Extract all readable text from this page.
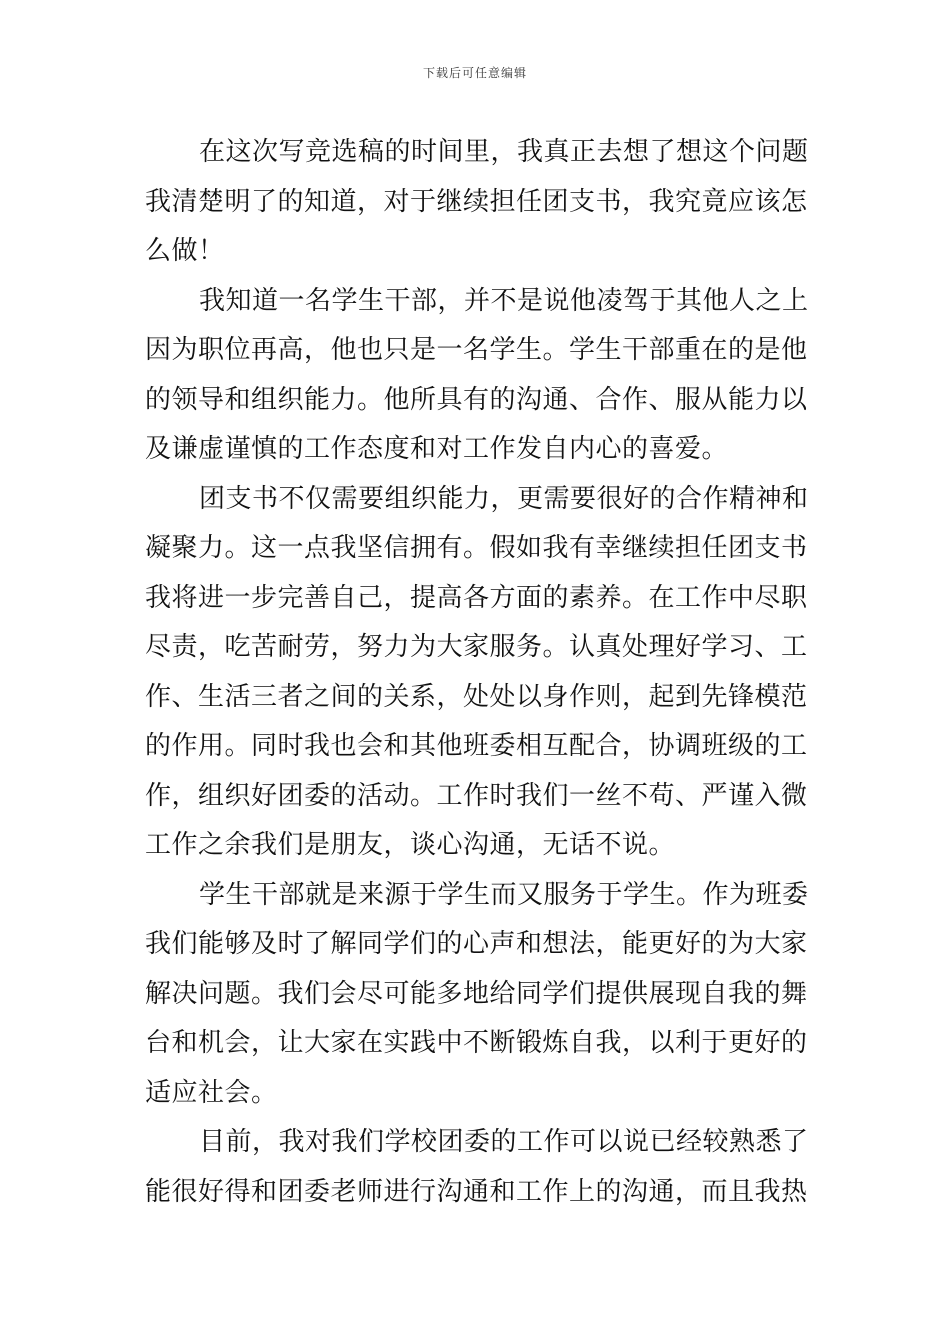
下载后可任意编辑
在这次写竞选稿的时间里，我真正去想了想这个问题
我清楚明了的知道，对于继续担任团支书，我究竟应该怎
么做！
我知道一名学生干部，并不是说他凌驾于其他人之上
因为职位再高，他也只是一名学生。学生干部重在的是他
的领导和组织能力。他所具有的沟通、合作、服从能力以
及谦虚谨慎的工作态度和对工作发自内心的喜爱。
团支书不仅需要组织能力，更需要很好的合作精神和
凝聚力。这一点我坚信拥有。假如我有幸继续担任团支书
我将进一步完善自己，提高各方面的素养。在工作中尽职
尽责，吃苦耐劳，努力为大家服务。认真处理好学习、工
作、生活三者之间的关系，处处以身作则，起到先锋模范
的作用。同时我也会和其他班委相互配合，协调班级的工
作，组织好团委的活动。工作时我们一丝不苟、严谨入微
工作之余我们是朋友，谈心沟通，无话不说。
学生干部就是来源于学生而又服务于学生。作为班委
我们能够及时了解同学们的心声和想法，能更好的为大家
解决问题。我们会尽可能多地给同学们提供展现自我的舞
台和机会，让大家在实践中不断锻炼自我，以利于更好的
适应社会。
目前，我对我们学校团委的工作可以说已经较熟悉了
能很好得和团委老师进行沟通和工作上的沟通，而且我热
